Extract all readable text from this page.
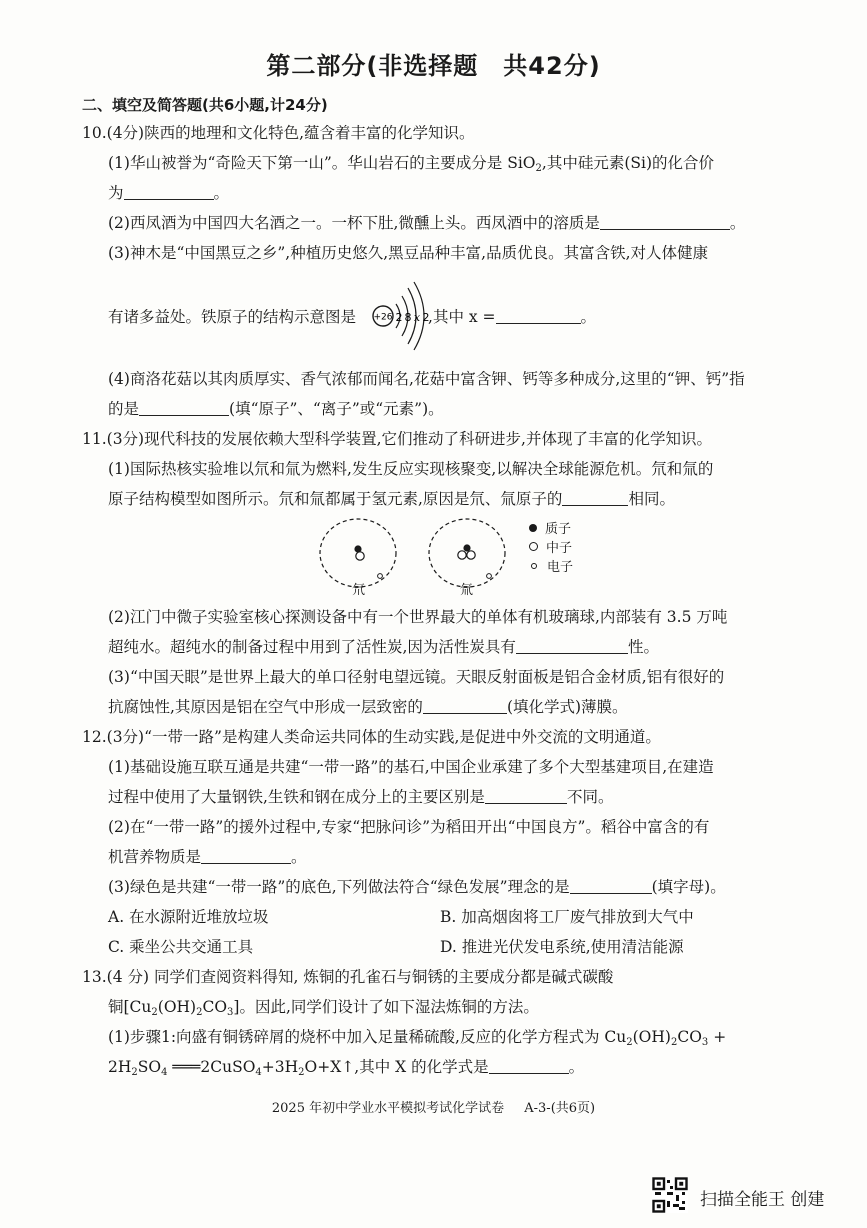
第二部分(非选择题　共42分)
二、填空及简答题(共6小题,计24分)
10.(4分)陕西的地理和文化特色,蕴含着丰富的化学知识。
(1)华山被誉为“奇险天下第一山”。华山岩石的主要成分是 SiO$_2$,其中硅元素(Si)的化合价
为	。
(2)西凤酒为中国四大名酒之一。一杯下肚,微醺上头。西凤酒中的溶质是	。
(3)神木是“中国黑豆之乡”,种植历史悠久,黑豆品种丰富,品质优良。其富含铁,对人体健康
有诸多益处。铁原子的结构示意图是	,其中 x =	。
+26 2 8 x 2
(4)商洛花菇以其肉质厚实、香气浓郁而闻名,花菇中富含钾、钙等多种成分,这里的“钾、钙”指
的是	(填“原子”、“离子”或“元素”)。
11.(3分)现代科技的发展依赖大型科学装置,它们推动了科研进步,并体现了丰富的化学知识。
(1)国际热核实验堆以氘和氚为燃料,发生反应实现核聚变,以解决全球能源危机。氘和氚的
原子结构模型如图所示。氘和氚都属于氢元素,原因是氘、氚原子的	相同。
氘	氚
质子
中子
电子
(2)江门中微子实验室核心探测设备中有一个世界最大的单体有机玻璃球,内部装有 3.5 万吨
超纯水。超纯水的制备过程中用到了活性炭,因为活性炭具有	性。
(3)“中国天眼”是世界上最大的单口径射电望远镜。天眼反射面板是铝合金材质,铝有很好的
抗腐蚀性,其原因是铝在空气中形成一层致密的	(填化学式)薄膜。
12.(3分)“一带一路”是构建人类命运共同体的生动实践,是促进中外交流的文明通道。
(1)基础设施互联互通是共建“一带一路”的基石,中国企业承建了多个大型基建项目,在建造
过程中使用了大量钢铁,生铁和钢在成分上的主要区别是	不同。
(2)在“一带一路”的援外过程中,专家“把脉问诊”为稻田开出“中国良方”。稻谷中富含的有
机营养物质是	。
(3)绿色是共建“一带一路”的底色,下列做法符合“绿色发展”理念的是	(填字母)。
A. 在水源附近堆放垃圾	B. 加高烟囱将工厂废气排放到大气中
C. 乘坐公共交通工具	D. 推进光伏发电系统,使用清洁能源
13.(4 分) 同学们查阅资料得知, 炼铜的孔雀石与铜锈的主要成分都是碱式碳酸
铜$[Cu_2(OH)_2CO_3]$。因此,同学们设计了如下湿法炼铜的方法。
(1)步骤1:向盛有铜锈碎屑的烧杯中加入足量稀硫酸,反应的化学方程式为 $Cu_2(OH)_2CO_3$ +
$2H_2SO_4$ $═══2CuSO_4+3H_2O+X↑$,其中 X 的化学式是	。
2025 年初中学业水平模拟考试化学试卷 A-3-(共6页)
扫描全能王 创建
